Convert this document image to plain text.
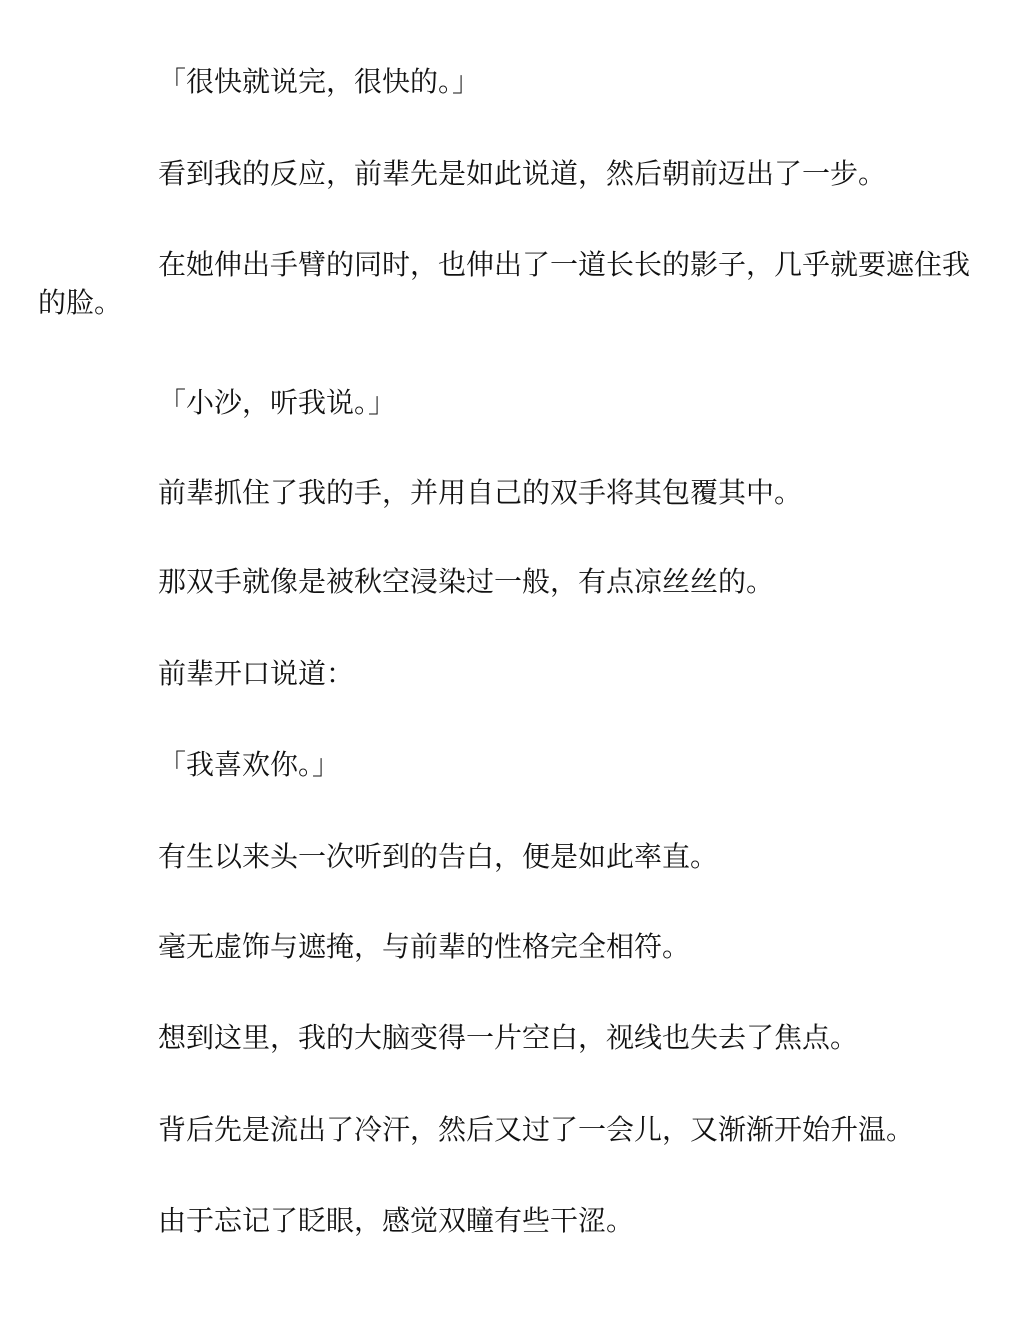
「很快就说完，很快的。」

看到我的反应，前辈先是如此说道，然后朝前迈出了一步。

在她伸出手臂的同时，也伸出了一道长长的影子，几乎就要遮住我的脸。

「小沙，听我说。」

前辈抓住了我的手，并用自己的双手将其包覆其中。

那双手就像是被秋空浸染过一般，有点凉丝丝的。

前辈开口说道：

「我喜欢你。」

有生以来头一次听到的告白，便是如此率直。

毫无虚饰与遮掩，与前辈的性格完全相符。

想到这里，我的大脑变得一片空白，视线也失去了焦点。

背后先是流出了冷汗，然后又过了一会儿，又渐渐开始升温。

由于忘记了眨眼，感觉双瞳有些干涩。
